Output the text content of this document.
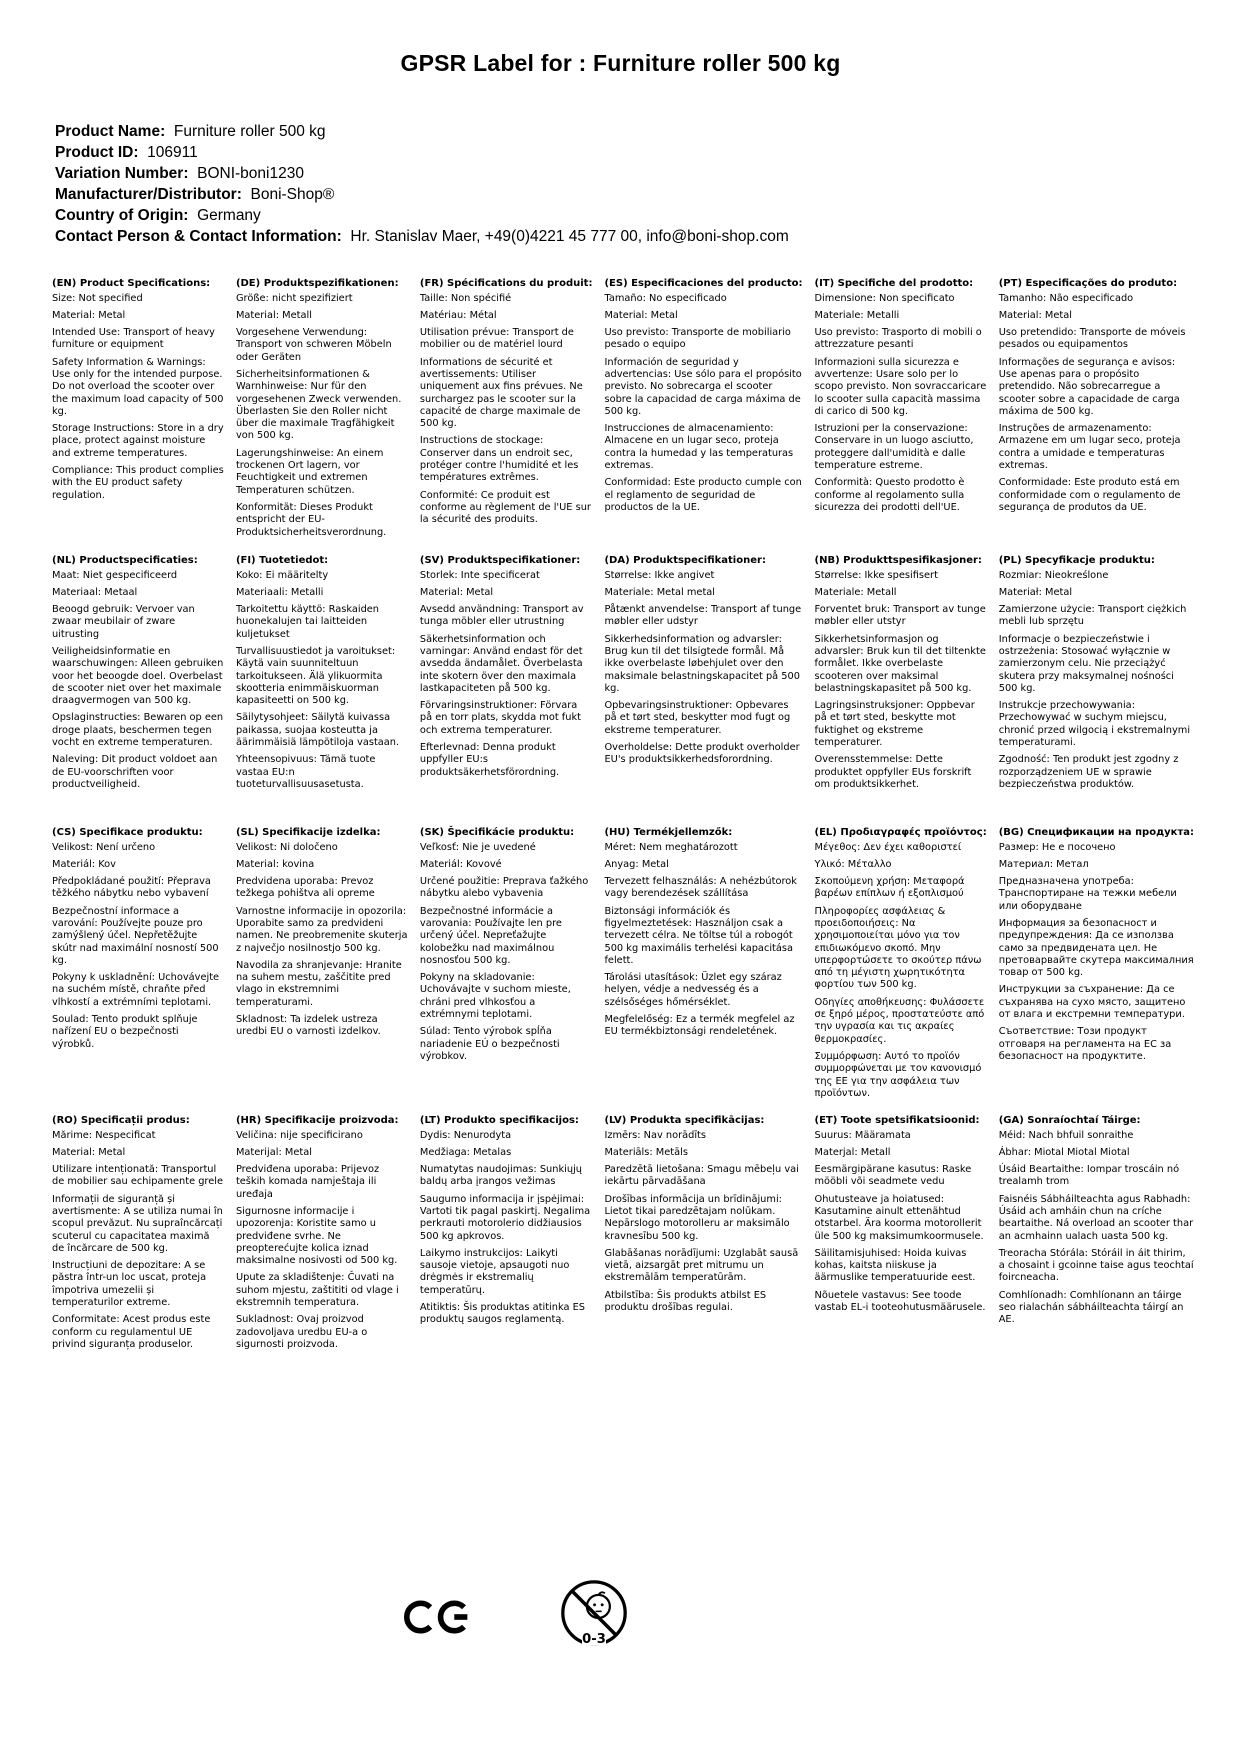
GPSR Label for : Furniture roller 500 kg
Product Name:  Furniture roller 500 kg
Product ID:  106911
Variation Number:  BONI-boni1230
Manufacturer/Distributor:  Boni-Shop®
Country of Origin:  Germany
Contact Person & Contact Information:  Hr. Stanislav Maer, +49(0)4221 45 777 00, info@boni-shop.com
(EN) Product Specifications:

Size: Not specified

Material: Metal

Intended Use: Transport of heavy furniture or equipment

Safety Information & Warnings: Use only for the intended purpose. Do not overload the scooter over the maximum load capacity of 500 kg.

Storage Instructions: Store in a dry place, protect against moisture and extreme temperatures.

Compliance: This product complies with the EU product safety regulation.

(DE) Produktspezifikationen:

Größe: nicht spezifiziert

Material: Metall

Vorgesehene Verwendung: Transport von schweren Möbeln oder Geräten

Sicherheitsinformationen & Warnhinweise: Nur für den vorgesehenen Zweck verwenden. Überlasten Sie den Roller nicht über die maximale Tragfähigkeit von 500 kg.

Lagerungshinweise: An einem trockenen Ort lagern, vor Feuchtigkeit und extremen Temperaturen schützen.

Konformität: Dieses Produkt entspricht der EU-Produktsicherheitsverordnung.

(FR) Spécifications du produit:

Taille: Non spécifié

Matériau: Métal

Utilisation prévue: Transport de mobilier ou de matériel lourd

Informations de sécurité et avertissements: Utiliser uniquement aux fins prévues. Ne surchargez pas le scooter sur la capacité de charge maximale de 500 kg.

Instructions de stockage: Conserver dans un endroit sec, protéger contre l'humidité et les températures extrêmes.

Conformité: Ce produit est conforme au règlement de l'UE sur la sécurité des produits.

(ES) Especificaciones del producto:

Tamaño: No especificado

Material: Metal

Uso previsto: Transporte de mobiliario pesado o equipo

Información de seguridad y advertencias: Use sólo para el propósito previsto. No sobrecarga el scooter sobre la capacidad de carga máxima de 500 kg.

Instrucciones de almacenamiento: Almacene en un lugar seco, proteja contra la humedad y las temperaturas extremas.

Conformidad: Este producto cumple con el reglamento de seguridad de productos de la UE.

(IT) Specifiche del prodotto:

Dimensione: Non specificato

Materiale: Metalli

Uso previsto: Trasporto di mobili o attrezzature pesanti

Informazioni sulla sicurezza e avvertenze: Usare solo per lo scopo previsto. Non sovraccaricare lo scooter sulla capacità massima di carico di 500 kg.

Istruzioni per la conservazione: Conservare in un luogo asciutto, proteggere dall'umidità e dalle temperature estreme.

Conformità: Questo prodotto è conforme al regolamento sulla sicurezza dei prodotti dell'UE.

(PT) Especificações do produto:

Tamanho: Não especificado

Material: Metal

Uso pretendido: Transporte de móveis pesados ou equipamentos

Informações de segurança e avisos: Use apenas para o propósito pretendido. Não sobrecarregue a scooter sobre a capacidade de carga máxima de 500 kg.

Instruções de armazenamento: Armazene em um lugar seco, proteja contra a umidade e temperaturas extremas.

Conformidade: Este produto está em conformidade com o regulamento de segurança de produtos da UE.

(NL) Productspecificaties:

Maat: Niet gespecificeerd

Materiaal: Metaal

Beoogd gebruik: Vervoer van zwaar meubilair of zware uitrusting

Veiligheidsinformatie en waarschuwingen: Alleen gebruiken voor het beoogde doel. Overbelast de scooter niet over het maximale draagvermogen van 500 kg.

Opslaginstructies: Bewaren op een droge plaats, beschermen tegen vocht en extreme temperaturen.

Naleving: Dit product voldoet aan de EU-voorschriften voor productveiligheid.

(FI) Tuotetiedot:

Koko: Ei määritelty

Materiaali: Metalli

Tarkoitettu käyttö: Raskaiden huonekalujen tai laitteiden kuljetukset

Turvallisuustiedot ja varoitukset: Käytä vain suunniteltuun tarkoitukseen. Älä ylikuormita skootteria enimmäiskuorman kapasiteetti on 500 kg.

Säilytysohjeet: Säilytä kuivassa paikassa, suojaa kosteutta ja äärimmäisiä lämpötiloja vastaan.

Yhteensopivuus: Tämä tuote vastaa EU:n tuoteturvallisuusasetusta.

(SV) Produktspecifikationer:

Storlek: Inte specificerat

Material: Metal

Avsedd användning: Transport av tunga möbler eller utrustning

Säkerhetsinformation och varningar: Använd endast för det avsedda ändamålet. Överbelasta inte skotern över den maximala lastkapaciteten på 500 kg.

Förvaringsinstruktioner: Förvara på en torr plats, skydda mot fukt och extrema temperaturer.

Efterlevnad: Denna produkt uppfyller EU:s produktsäkerhetsförordning.

(DA) Produktspecifikationer:

Størrelse: Ikke angivet

Materiale: Metal metal

Påtænkt anvendelse: Transport af tunge møbler eller udstyr

Sikkerhedsinformation og advarsler: Brug kun til det tilsigtede formål. Må ikke overbelaste løbehjulet over den maksimale belastningskapacitet på 500 kg.

Opbevaringsinstruktioner: Opbevares på et tørt sted, beskytter mod fugt og ekstreme temperaturer.

Overholdelse: Dette produkt overholder EU's produktsikkerhedsforordning.

(NB) Produkttspesifikasjoner:

Størrelse: Ikke spesifisert

Materiale: Metall

Forventet bruk: Transport av tunge møbler eller utstyr

Sikkerhetsinformasjon og advarsler: Bruk kun til det tiltenkte formålet. Ikke overbelaste scooteren over maksimal belastningskapasitet på 500 kg.

Lagringsinstruksjoner: Oppbevar på et tørt sted, beskytte mot fuktighet og ekstreme temperaturer.

Overensstemmelse: Dette produktet oppfyller EUs forskrift om produktsikkerhet.

(PL) Specyfikacje produktu:

Rozmiar: Nieokreślone

Materiał: Metal

Zamierzone użycie: Transport ciężkich mebli lub sprzętu

Informacje o bezpieczeństwie i ostrzeżenia: Stosować wyłącznie w zamierzonym celu. Nie przeciążyć skutera przy maksymalnej nośności 500 kg.

Instrukcje przechowywania: Przechowywać w suchym miejscu, chronić przed wilgocią i ekstremalnymi temperaturami.

Zgodność: Ten produkt jest zgodny z rozporządzeniem UE w sprawie bezpieczeństwa produktów.

(CS) Specifikace produktu:

Velikost: Není určeno

Materiál: Kov

Předpokládané použití: Přeprava těžkého nábytku nebo vybavení

Bezpečnostní informace a varování: Používejte pouze pro zamýšlený účel. Nepřetěžujte skútr nad maximální nosností 500 kg.

Pokyny k uskladnění: Uchovávejte na suchém místě, chraňte před vlhkostí a extrémními teplotami.

Soulad: Tento produkt splňuje nařízení EU o bezpečnosti výrobků.

(SL) Specifikacije izdelka:

Velikost: Ni določeno

Material: kovina

Predvidena uporaba: Prevoz težkega pohištva ali opreme

Varnostne informacije in opozorila: Uporabite samo za predvideni namen. Ne preobremenite skuterja z največjo nosilnostjo 500 kg.

Navodila za shranjevanje: Hranite na suhem mestu, zaščitite pred vlago in ekstremnimi temperaturami.

Skladnost: Ta izdelek ustreza uredbi EU o varnosti izdelkov.

(SK) Špecifikácie produktu:

Veľkosť: Nie je uvedené

Materiál: Kovové

Určené použitie: Preprava ťažkého nábytku alebo vybavenia

Bezpečnostné informácie a varovania: Používajte len pre určený účel. Nepreťažujte kolobežku nad maximálnou nosnosťou 500 kg.

Pokyny na skladovanie: Uchovávajte v suchom mieste, chráni pred vlhkosťou a extrémnymi teplotami.

Súlad: Tento výrobok spĺňa nariadenie EÚ o bezpečnosti výrobkov.

(HU) Termékjellemzők:

Méret: Nem meghatározott

Anyag: Metal

Tervezett felhasználás: A nehézbútorok vagy berendezések szállítása

Biztonsági információk és figyelmeztetések: Használjon csak a tervezett célra. Ne töltse túl a robogót 500 kg maximális terhelési kapacitása felett.

Tárolási utasítások: Üzlet egy száraz helyen, védje a nedvesség és a szélsőséges hőmérséklet.

Megfelelőség: Ez a termék megfelel az EU termékbiztonsági rendeletének.

(EL) Προδιαγραφές προϊόντος:

Μέγεθος: Δεν έχει καθοριστεί

Υλικό: Μέταλλο

Σκοπούμενη χρήση: Μεταφορά βαρέων επίπλων ή εξοπλισμού

Πληροφορίες ασφάλειας & προειδοποιήσεις: Να χρησιμοποιείται μόνο για τον επιδιωκόμενο σκοπό. Μην υπερφορτώσετε το σκούτερ πάνω από τη μέγιστη χωρητικότητα φορτίου των 500 kg.

Οδηγίες αποθήκευσης: Φυλάσσετε σε ξηρό μέρος, προστατεύστε από την υγρασία και τις ακραίες θερμοκρασίες.

Συμμόρφωση: Αυτό το προϊόν συμμορφώνεται με τον κανονισμό της ΕΕ για την ασφάλεια των προϊόντων.

(BG) Спецификации на продукта:

Размер: Не е посочено

Материал: Метал

Предназначена употреба: Транспортиране на тежки мебели или оборудване

Информация за безопасност и предупреждения: Да се използва само за предвидената цел. Не претоварвайте скутера максималния товар от 500 kg.

Инструкции за съхранение: Да се съхранява на сухо място, защитено от влага и екстремни температури.

Съответствие: Този продукт отговаря на регламента на ЕС за безопасност на продуктите.

(RO) Specificații produs:

Mărime: Nespecificat

Material: Metal

Utilizare intenționată: Transportul de mobilier sau echipamente grele

Informații de siguranță și avertismente: A se utiliza numai în scopul prevăzut. Nu supraîncărcați scuterul cu capacitatea maximă de încărcare de 500 kg.

Instrucțiuni de depozitare: A se păstra într-un loc uscat, proteja împotriva umezelii și temperaturilor extreme.

Conformitate: Acest produs este conform cu regulamentul UE privind siguranța produselor.

(HR) Specifikacije proizvoda:

Veličina: nije specificirano

Materijal: Metal

Predviđena uporaba: Prijevoz teških komada namještaja ili uređaja

Sigurnosne informacije i upozorenja: Koristite samo u predviđene svrhe. Ne preopterećujte kolica iznad maksimalne nosivosti od 500 kg.

Upute za skladištenje: Čuvati na suhom mjestu, zaštititi od vlage i ekstremnih temperatura.

Sukladnost: Ovaj proizvod zadovoljava uredbu EU-a o sigurnosti proizvoda.

(LT) Produkto specifikacijos:

Dydis: Nenurodyta

Medžiaga: Metalas

Numatytas naudojimas: Sunkiųjų baldų arba įrangos vežimas

Saugumo informacija ir įspėjimai: Vartoti tik pagal paskirtį. Negalima perkrauti motorolerio didžiausios 500 kg apkrovos.

Laikymo instrukcijos: Laikyti sausoje vietoje, apsaugoti nuo drėgmės ir ekstremalių temperatūrų.

Atitiktis: Šis produktas atitinka ES produktų saugos reglamentą.

(LV) Produkta specifikācijas:

Izmērs: Nav norādīts

Materiāls: Metāls

Paredzētā lietošana: Smagu mēbeļu vai iekārtu pārvadāšana

Drošības informācija un brīdinājumi: Lietot tikai paredzētajam nolūkam. Nepārslogo motorolleru ar maksimālo kravnesību 500 kg.

Glabāšanas norādījumi: Uzglabāt sausā vietā, aizsargāt pret mitrumu un ekstremālām temperatūrām.

Atbilstība: Šis produkts atbilst ES produktu drošības regulai.

(ET) Toote spetsifikatsioonid:

Suurus: Määramata

Materjal: Metall

Eesmärgipärane kasutus: Raske mööbli või seadmete vedu

Ohutusteave ja hoiatused: Kasutamine ainult ettenähtud otstarbel. Ära koorma motorollerit üle 500 kg maksimumkoormusele.

Säilitamisjuhised: Hoida kuivas kohas, kaitsta niiskuse ja äärmuslike temperatuuride eest.

Nõuetele vastavus: See toode vastab EL-i tooteohutusmäärusele.

(GA) Sonraíochtaí Táirge:

Méid: Nach bhfuil sonraithe

Ábhar: Miotal Miotal Miotal

Úsáid Beartaithe: Iompar troscáin nó trealamh trom

Faisnéis Sábháilteachta agus Rabhadh: Úsáid ach amháin chun na críche beartaithe. Ná overload an scooter thar an acmhainn ualach uasta 500 kg.

Treoracha Stórála: Stóráil in áit thirim, a chosaint i gcoinne taise agus teochtaí foircneacha.

Comhlíonadh: Comhlíonann an táirge seo rialachán sábháilteachta táirgí an AE.

0-3
